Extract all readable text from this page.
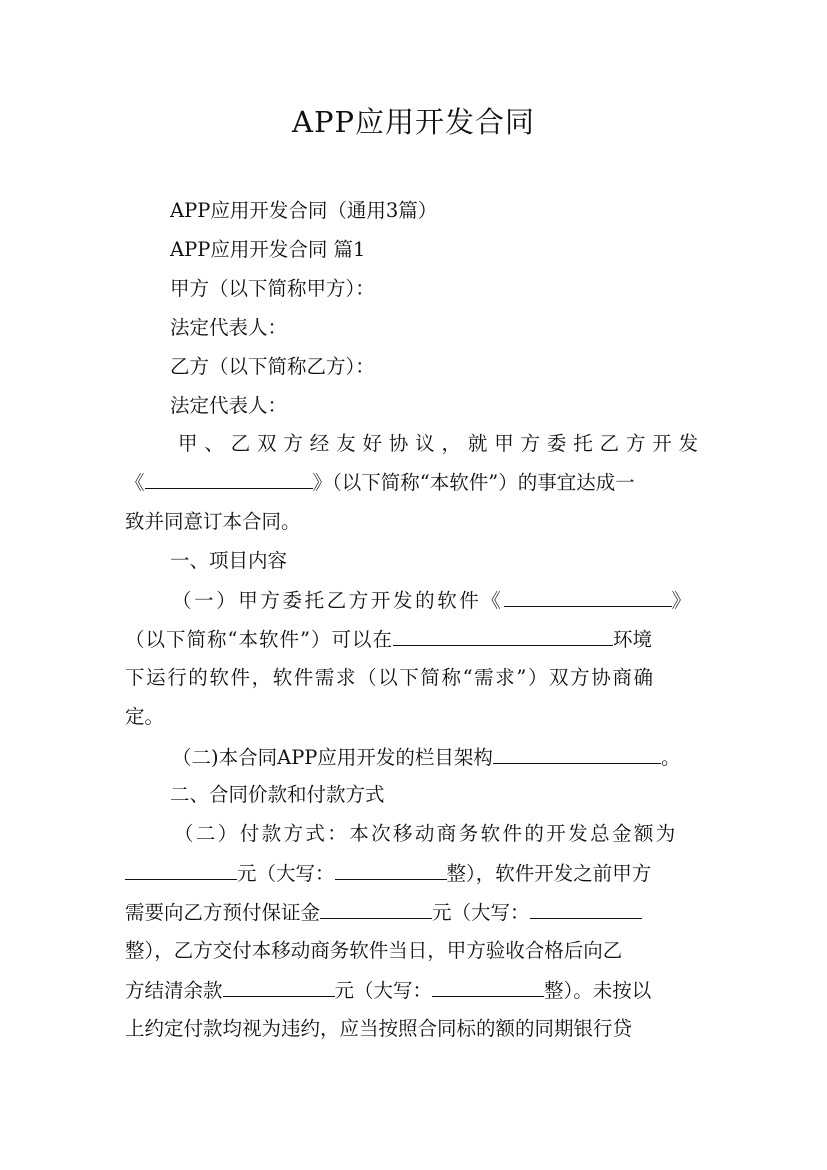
APP应用开发合同
APP应用开发合同（通用3篇）
APP应用开发合同 篇1
甲方（以下简称甲方）：
法定代表人：
乙方（以下简称乙方）：
法定代表人：
甲、乙双方经友好协议，就甲方委托乙方开发
《	》（以下简称“本软件”）的事宜达成一
致并同意订本合同。
一、项目内容
（一）甲方委托乙方开发的软件《	》
（以下简称“本软件”）可以在	环境
下运行的软件，软件需求（以下简称“需求”）双方协商确
定。
（二)本合同APP应用开发的栏目架构	。
二、合同价款和付款方式
（二）付款方式：本次移动商务软件的开发总金额为
元（大写：	整），软件开发之前甲方
需要向乙方预付保证金	元（大写：
整），乙方交付本移动商务软件当日，甲方验收合格后向乙
方结清余款	元（大写：	整）。未按以
上约定付款均视为违约，应当按照合同标的额的同期银行贷
